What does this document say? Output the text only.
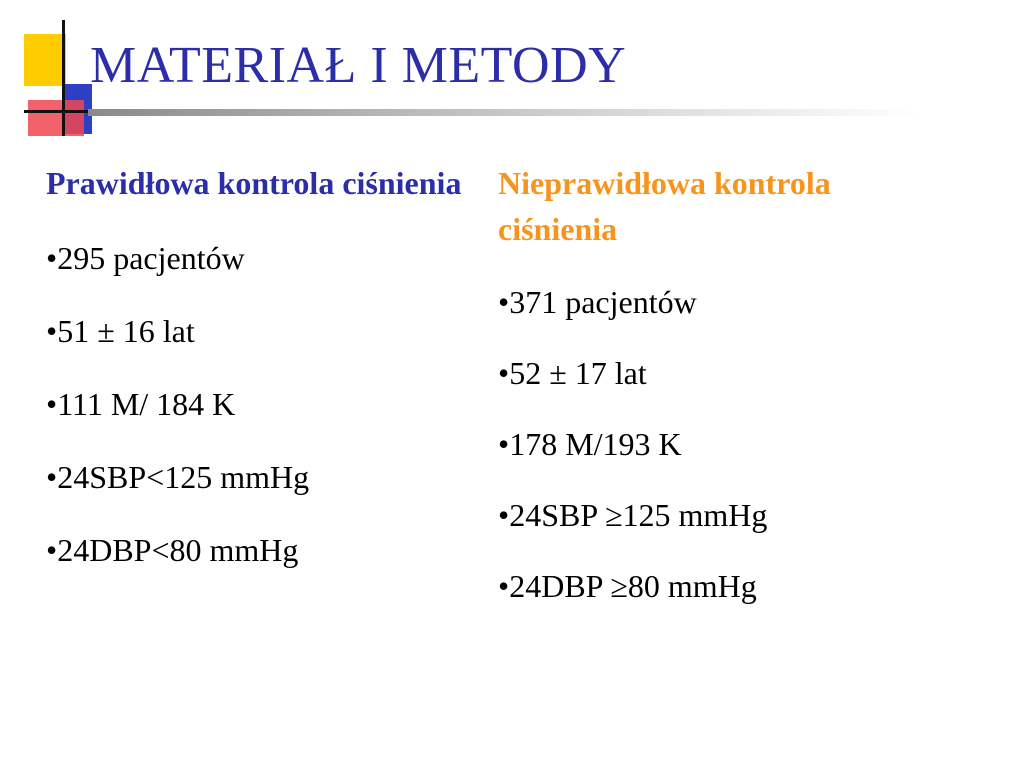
MATERIAŁ I METODY
Prawidłowa kontrola ciśnienia
•295 pacjentów
•51 ± 16 lat
•111 M/ 184 K
•24SBP<125 mmHg
•24DBP<80 mmHg
Nieprawidłowa kontrola ciśnienia
•371 pacjentów
•52 ± 17 lat
•178 M/193 K
•24SBP ≥125 mmHg
•24DBP ≥80 mmHg
